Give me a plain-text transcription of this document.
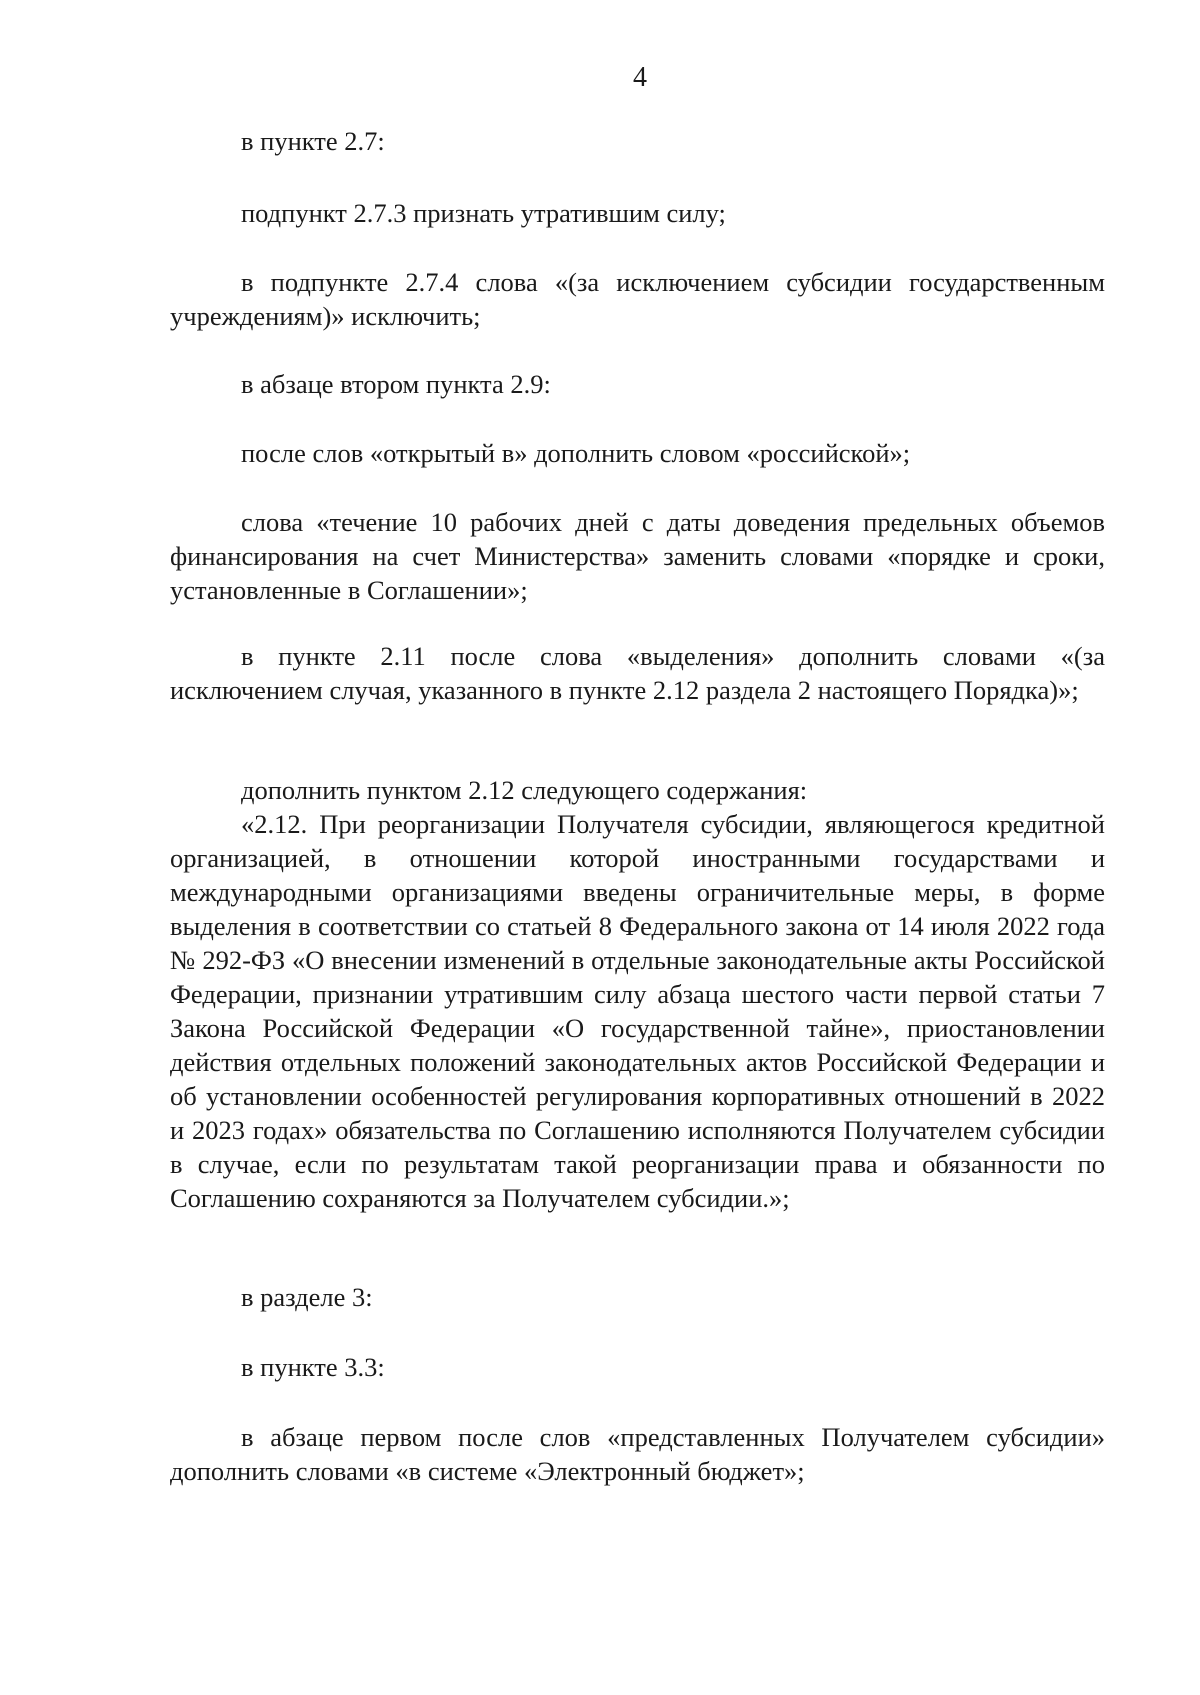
4
в пункте 2.7:
подпункт 2.7.3 признать утратившим силу;
в подпункте 2.7.4 слова «(за исключением субсидии государственным учреждениям)» исключить;
в абзаце втором пункта 2.9:
после слов «открытый в» дополнить словом «российской»;
слова «течение 10 рабочих дней с даты доведения предельных объемов финансирования на счет Министерства» заменить словами «порядке и сроки, установленные в Соглашении»;
в пункте 2.11 после слова «выделения» дополнить словами «(за исключением случая, указанного в пункте 2.12 раздела 2 настоящего Порядка)»;
дополнить пунктом 2.12 следующего содержания:
«2.12. При реорганизации Получателя субсидии, являющегося кредитной организацией, в отношении которой иностранными государствами и международными организациями введены ограничительные меры, в форме выделения в соответствии со статьей 8 Федерального закона от 14 июля 2022 года № 292-ФЗ «О внесении изменений в отдельные законодательные акты Российской Федерации, признании утратившим силу абзаца шестого части первой статьи 7 Закона Российской Федерации «О государственной тайне», приостановлении действия отдельных положений законодательных актов Российской Федерации и об установлении особенностей регулирования корпоративных отношений в 2022 и 2023 годах» обязательства по Соглашению исполняются Получателем субсидии в случае, если по результатам такой реорганизации права и обязанности по Соглашению сохраняются за Получателем субсидии.»;
в разделе 3:
в пункте 3.3:
в абзаце первом после слов «представленных Получателем субсидии» дополнить словами «в системе «Электронный бюджет»;
